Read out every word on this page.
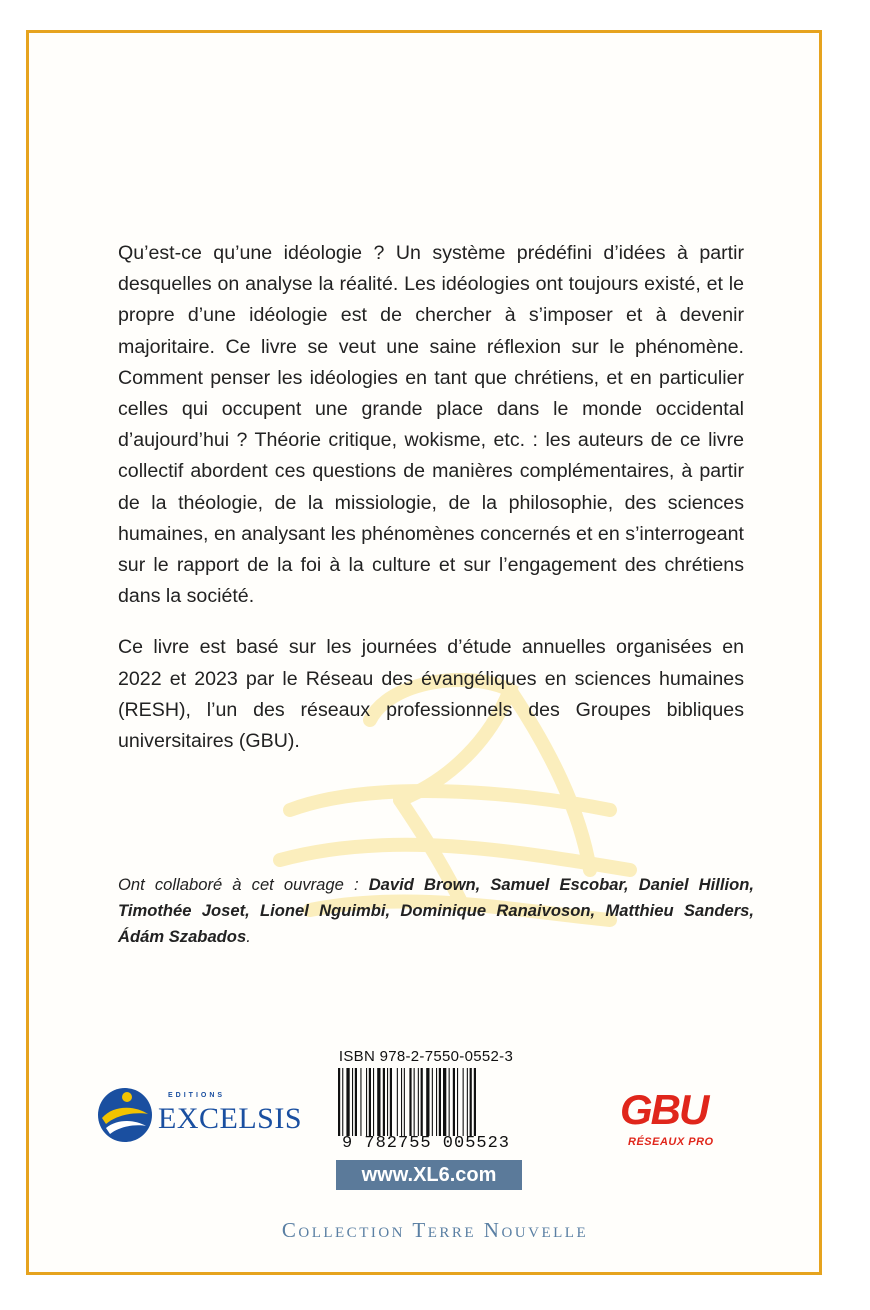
Qu’est-ce qu’une idéologie ? Un système prédéfini d’idées à partir desquelles on analyse la réalité. Les idéologies ont toujours existé, et le propre d’une idéologie est de chercher à s’imposer et à devenir majoritaire. Ce livre se veut une saine réflexion sur le phénomène. Comment penser les idéologies en tant que chrétiens, et en particulier celles qui occupent une grande place dans le monde occidental d’aujourd’hui ? Théorie critique, wokisme, etc. : les auteurs de ce livre collectif abordent ces questions de manières complémentaires, à partir de la théologie, de la missiologie, de la philosophie, des sciences humaines, en analysant les phénomènes concernés et en s’interrogeant sur le rapport de la foi à la culture et sur l’engagement des chrétiens dans la société.

Ce livre est basé sur les journées d’étude annuelles organisées en 2022 et 2023 par le Réseau des évangéliques en sciences humaines (RESH), l’un des réseaux professionnels des Groupes bibliques universitaires (GBU).

Ont collaboré à cet ouvrage : David Brown, Samuel Escobar, Daniel Hillion, Timothée Joset, Lionel Nguimbi, Dominique Ranaivoson, Matthieu Sanders, Ádám Szabados.
EDITIONS
EXCELSIS
ISBN 978-2-7550-0552-3
9 782755 005523
www.XL6.com
GBU
RÉSEAUX PRO
Collection Terre Nouvelle
